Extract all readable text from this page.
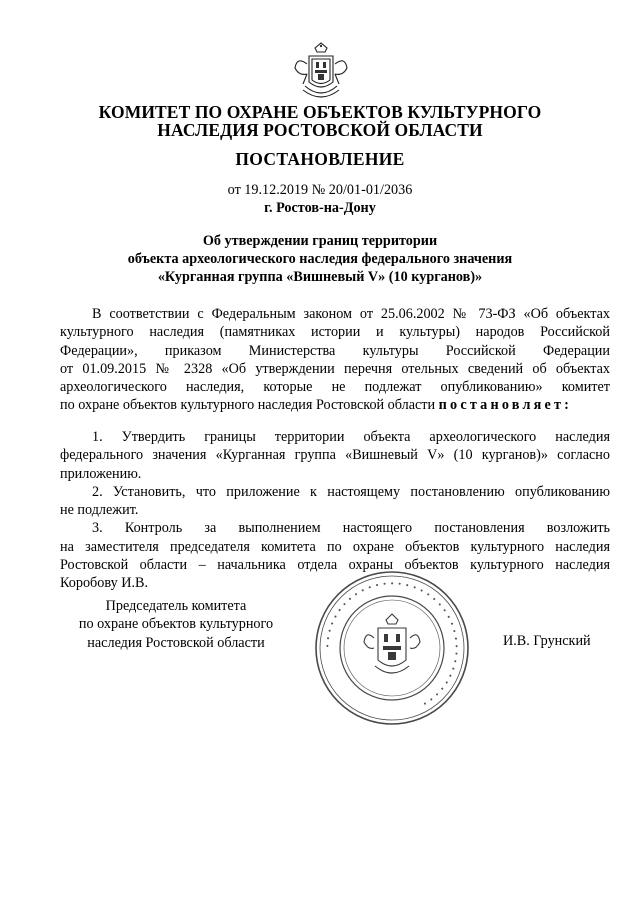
КОМИТЕТ ПО ОХРАНЕ ОБЪЕКТОВ КУЛЬТУРНОГО
НАСЛЕДИЯ РОСТОВСКОЙ ОБЛАСТИ
ПОСТАНОВЛЕНИЕ
от 19.12.2019 № 20/01-01/2036
г. Ростов-на-Дону
Об утверждении границ территории
объекта археологического наследия федерального значения
«Курганная группа «Вишневый V» (10 курганов)»
В соответствии с Федеральным законом от 25.06.2002 № 73-ФЗ «Об объектах
культурного наследия (памятниках истории и культуры) народов Российской
Федерации», приказом Министерства культуры Российской Федерации
от 01.09.2015 № 2328 «Об утверждении перечня отельных сведений об объектах
археологического наследия, которые не подлежат опубликованию» комитет
по охране объектов культурного наследия Ростовской области постановляет:
1. Утвердить границы территории объекта археологического наследия
федерального значения «Курганная группа «Вишневый V» (10 курганов)» согласно
приложению.
2. Установить, что приложение к настоящему постановлению опубликованию
не подлежит.
3. Контроль за выполнением настоящего постановления возложить
на заместителя председателя комитета по охране объектов культурного наследия
Ростовской области – начальника отдела охраны объектов культурного наследия
Коробову И.В.
Председатель комитета
по охране объектов культурного
наследия Ростовской области	• • • • • • • • • • • • • • • • • • • • • • • • • • • • • • • • • • • •
И.В. Грунский
